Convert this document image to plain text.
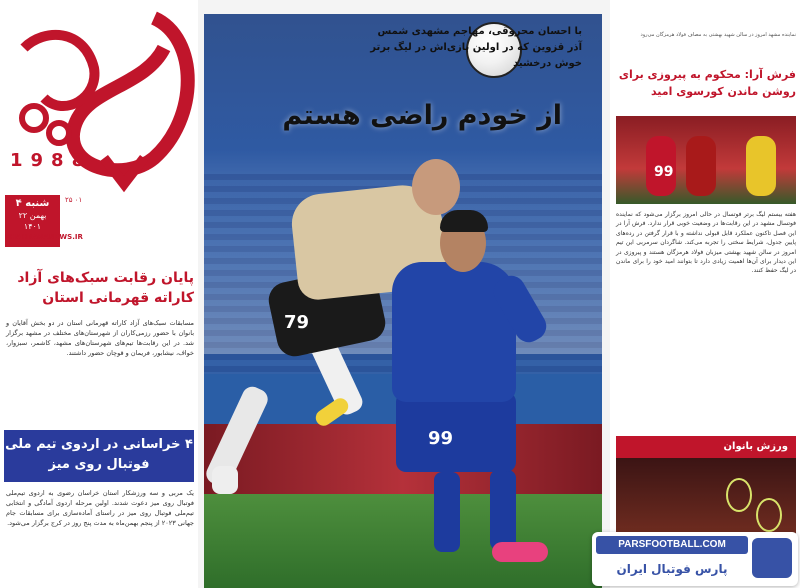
1988
۴ شنبه
۲۲ بهمن
۱۴۰۱
۲۵ ۰۱
SHAHRARANEWS.IR
پایان رقابت سبک‌های آزاد کاراته قهرمانی استان
مسابقات سبک‌های آزاد کاراته قهرمانی استان در دو بخش آقایان و بانوان با حضور رزمی‌کاران از شهرستان‌های مختلف در مشهد برگزار شد. در این رقابت‌ها تیم‌های شهرستان‌های مشهد، کاشمر، سبزوار، خواف، نیشابور، فریمان و قوچان حضور داشتند.
۴ خراسانی در اردوی تیم ملی فوتبال روی میز
یک مربی و سه ورزشکار استان خراسان رضوی به اردوی تیم‌ملی فوتبال روی میز دعوت شدند. اولین مرحله اردوی آمادگی و انتخابی تیم‌ملی فوتبال روی میز در راستای آماده‌سازی برای مسابقات جام جهانی ۲۰۲۳ از پنجم بهمن‌ماه به مدت پنج روز در کرج برگزار می‌شود.
79
99
با احسان محروقی، مهاجم مشهدی شمس آذر قزوین که در اولین بازی‌اش در لیگ برتر خوش درخشید
از خودم راضی هستم
نماینده مشهد امروز در سالن شهید بهشتی به مصاف فولاد هرمزگان می‌رود
فرش آرا: محکوم به پیروزی برای روشن ماندن کورسوی امید
99
هفته بیستم لیگ برتر فوتسال در حالی امروز برگزار می‌شود که نماینده فوتسال مشهد در این رقابت‌ها در وضعیت خوبی قرار ندارد. فرش آرا در این فصل تاکنون عملکرد قابل قبولی نداشته و با قرار گرفتن در رده‌های پایین جدول، شرایط سختی را تجربه می‌کند. شاگردان سرمربی این تیم امروز در سالن شهید بهشتی میزبان فولاد هرمزگان هستند و پیروزی در این دیدار برای آن‌ها اهمیت زیادی دارد تا بتوانند امید خود را برای ماندن در لیگ حفظ کنند.
ورزش بانوان
PARSFOOTBALL.COM
پارس فوتبال ایران
